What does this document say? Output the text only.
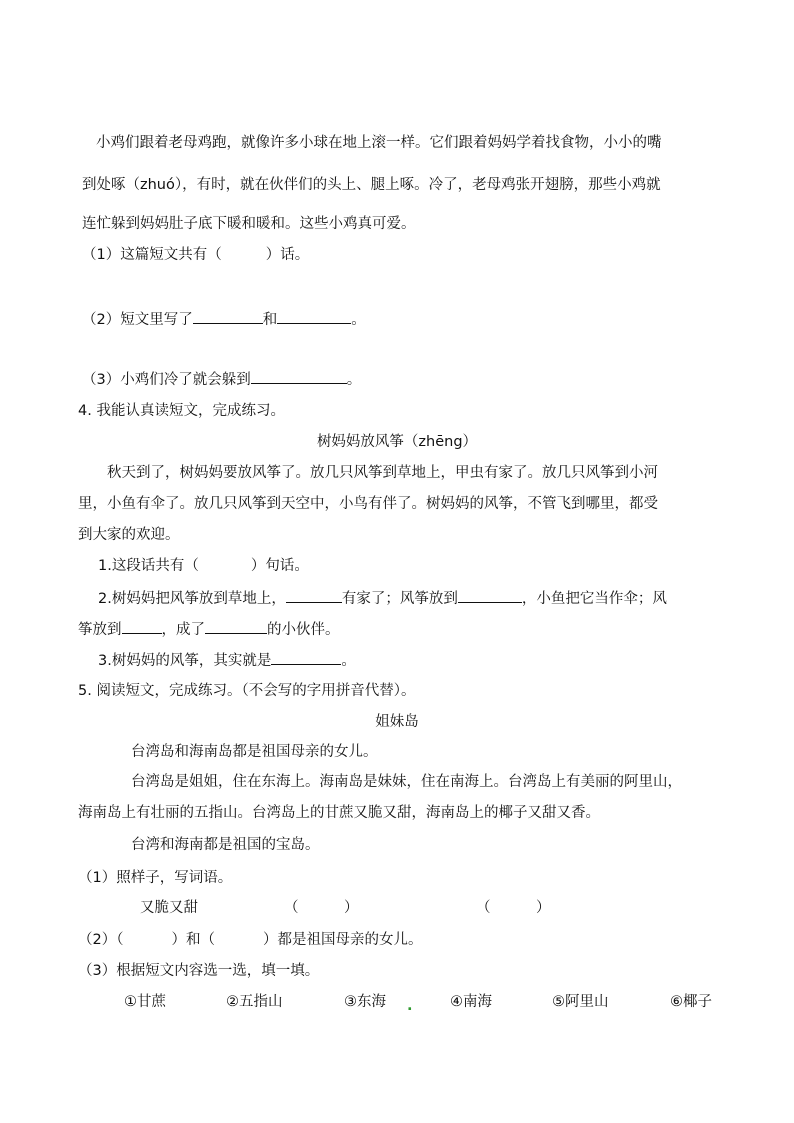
小鸡们跟着老母鸡跑，就像许多小球在地上滚一样。它们跟着妈妈学着找食物，小小的嘴
到处啄（zhuó），有时，就在伙伴们的头上、腿上啄。冷了，老母鸡张开翅膀，那些小鸡就
连忙躲到妈妈肚子底下暖和暖和。这些小鸡真可爱。
（1）这篇短文共有（	）话。
（2）短文里写了	和	。
（3）小鸡们冷了就会躲到	。
4. 我能认真读短文，完成练习。
树妈妈放风筝（zhēng）
秋天到了，树妈妈要放风筝了。放几只风筝到草地上，甲虫有家了。放几只风筝到小河
里，小鱼有伞了。放几只风筝到天空中，小鸟有伴了。树妈妈的风筝，不管飞到哪里，都受
到大家的欢迎。
1.这段话共有（	）句话。
2.树妈妈把风筝放到草地上，	有家了；风筝放到	，小鱼把它当作伞；风
筝放到	，成了	的小伙伴。
3.树妈妈的风筝，其实就是	。
5. 阅读短文，完成练习。（不会写的字用拼音代替）。
姐妹岛
台湾岛和海南岛都是祖国母亲的女儿。
台湾岛是姐姐，住在东海上。海南岛是妹妹，住在南海上。台湾岛上有美丽的阿里山，
海南岛上有壮丽的五指山。台湾岛上的甘蔗又脆又甜，海南岛上的椰子又甜又香。
台湾和海南都是祖国的宝岛。
（1）照样子，写词语。
又脆又甜	（	）	（	）
（2）（	）和（	）都是祖国母亲的女儿。
（3）根据短文内容选一选，填一填。
①甘蔗	②五指山	③东海 .	④南海	⑤阿里山	⑥椰子
